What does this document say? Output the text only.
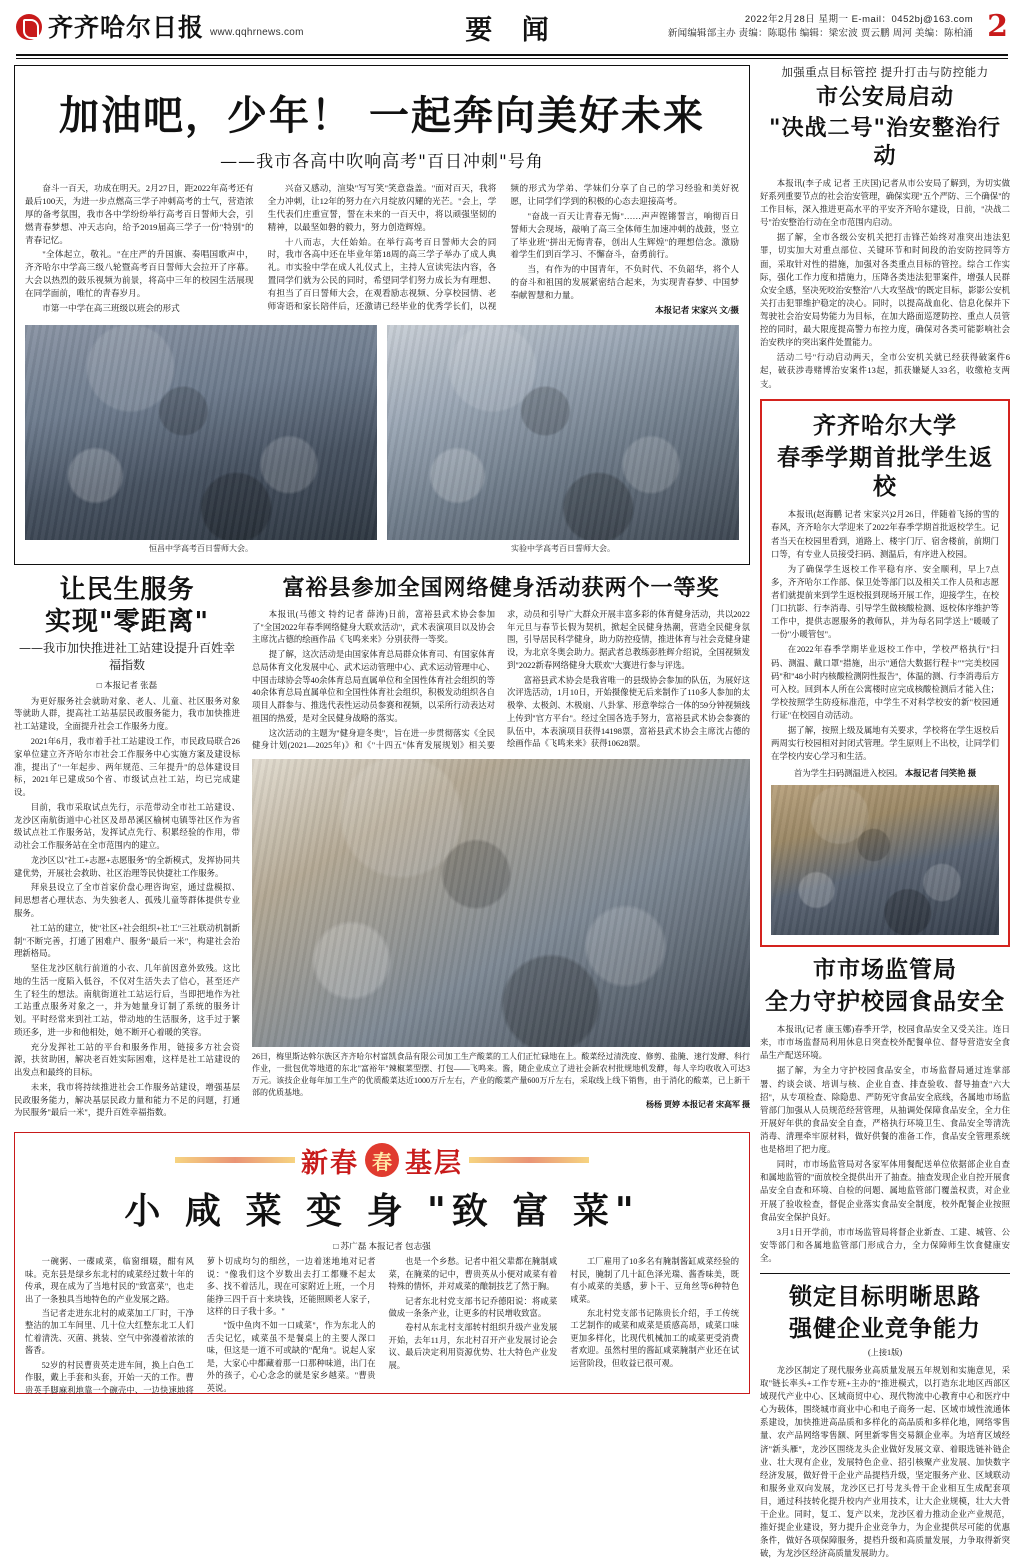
齐齐哈尔日报 www.qqhrnews.com	要 闻	2022年2月28日 星期一 E-mail：0452bj@163.com
新闻编辑部主办 责编：陈聪伟 编辑：梁宏波 贾云鹏 周河 美编：陈柏涌 2
加油吧，少年！ 一起奔向美好未来
——我市各高中吹响高考"百日冲刺"号角

奋斗一百天，功成在明天。2月27日，距2022年高考还有最后100天，为进一步点燃高三学子冲刺高考的士气，营造浓厚的备考氛围，我市各中学纷纷举行高考百日誓师大会，引燃青春梦想、冲天志向，给予2019届高三学子一份"特别"的青春记忆。

"全体起立，敬礼。"在庄严的升国旗、奏唱国歌声中，齐齐哈尔中学高三级八轮暨高考百日誓师大会拉开了序幕。大会以热烈的鼓乐视频为前景，将高中三年的校园生活展现在同学面前，唯忙的青春岁月。

市第一中学在高三班级以班会的形式

兴奋又感动，渲染"写写笑"笑意盎盖。"面对百天，我将全力冲刺，让12年的努力在六月绽放闪耀的光芒。"会上，学生代表们庄重宣誓，誓在未来的一百天中，将以顽强坚韧的精神，以最坚如磐的毅力，努力创造辉煌。

十八而志，大任始始。在举行高考百日誓师大会的同时，我市各高中还在毕业年第18周的高三学子举办了成人典礼。市实验中学在成人礼仪式上，主持人宣读宪法内容，各置同学们就为公民的同时，希望同学们努力成长为有理想、有担当了百日誓师大会，在观看励志视频、分享校园情、老师寄语和家长陪伴后，还激请已经毕业的优秀学长们，以视频的形式为学弟、学妹们分享了自己的学习经验和美好祝愿，让同学们学到的积极的心态去迎接高考。

"奋战一百天让青春无悔"……声声铿锵誓言，响彻百日誓师大会现场，敲响了高三全体师生加速冲刺的战鼓，竖立了毕业班"拼出无悔青春，创出人生辉煌"的理想信念。激励着学生们到百学习、不懈奋斗，奋勇前行。

当，有作为的中国青年，不负时代、不负韶华，将个人的奋斗和祖国的发展紧密结合起来，为实现青春梦、中国梦奉献智慧和力量。

本报记者 宋家兴 文/摄

恒昌中学高考百日誓师大会。	实验中学高考百日誓师大会。
让民生服务
实现"零距离"
——我市加快推进社工站建设提升百姓幸福指数
□ 本报记者 张磊

为更好服务社会就助对象、老人、儿童、社区服务对象等就助人群，提高社工站基层民政服务能力，我市加快推进社工站建设，全面提升社会工作服务力度。

2021年6月，我市着手社工站建设工作，市民政局联合26家单位建立齐齐哈尔市社会工作服务中心实施方案及建设标准，提出了"一年起步、两年规范、三年提升"的总体建设目标，2021年已建成50个省、市级试点社工站，均已完成建设。

目前，我市采取试点先行，示范带动全市社工站建设、龙沙区南航街道中心社区及昂昂溪区榆树屯镇等社区作为省级试点社工作服务站，发挥试点先行、积累经验的作用，带动社会工作服务站在全市范围内的建立。

龙沙区以"社工+志愿+志愿服务"的全新模式，发挥协同共建优势，开展社会救助、社区治理等民快捷社工作服务。

拜泉县设立了全市首家价盘心理咨询室，通过盘模拟、间思想者心理状态、为失独老人、孤残儿童等群体提供专业服务。

社工站的建立，使"社区+社会组织+社工"三社联动机制新制"不断完善，打通了困难户、服务"最后一米"，构建社会治理新格局。

坚住龙沙区航行前道的小衣、几年前因意外致残。这比地的生活一度陷入低谷，不仅对生活失去了信心，甚至还产生了轻生的想法。南航街道社工站运行后，当即把地作为社工站重点服务对象之一，并为她量身订制了系统的服务计划。平时经常来到社工站，带动地的生活服务，这手过于繁琐还多，进一步和他相处，她不断开心着暖的笑容。

充分发挥社工站的平台和服务作用，链接多方社会资源，扶贫助困，解决老百姓实际困难，这样是社工站建设的出发点和最终的目标。

未来，我市将持续推进社会工作服务站建设，增强基层民政服务能力，解决基层民政力量和能力不足的问题，打通为民服务"最后一米"，提升百姓幸福指数。

富裕县参加全国网络健身活动获两个一等奖

本报讯(马德文 特约记者 薛涛)日前，富裕县武术协会参加了"全国2022年春季网络健身大联欢活动"，武术表演项目以及协会主席沈占德的绘画作品《飞鸣来来》分别获得一等奖。

提了解，这次活动是由国家体育总局群众体育司、有国家体育总局体育文化发展中心、武术运动管理中心、武术运动管理中心、中国击球协会等40余体育总局直属单位和全国性体育社会组织的等40余体育总局直属单位和全国性体育社会组织，积极发动组织各自项目人群参与、推选代表性运动员参赛和视频，以采所行动表达对祖国的热爱，是对全民健身战略的落实。

这次活动的主题为"健身迎冬奥"，旨在进一步贯彻落实《全民健身计划(2021—2025年)》和《"十四五"体育发展规划》相关要求，动员和引导广大群众开展丰富多彩的体育健身活动，共以2022年元旦与春节长假为契机，掀起全民健身热潮，营造全民健身氛围，引导居民科学健身，助力防控疫情，推进体育与社会竞健身建设，为北京冬奥会助力。据武者总教练彭胜辉介绍说，全国视频发到"2022新春网络健身大联欢"大赛进行参与评选。

富裕县武术协会是我省唯一的县级协会参加的队伍，为展好这次评选活动，1月10日，开始摄像使无后来制作了110多人参加的太极拳、太极剑、木极扇、八卦掌、形意拳综合一体的59分钟视频线上传到"官方平台"。经过全国各选手努力，富裕县武术协会参赛的队伍中，本表演项目获得14198票，富裕县武术协会主席沈占德的绘画作品《飞鸣来来》获得10628票。

26日，梅里斯达斡尔族区齐齐哈尔村富凯食品有限公司加工生产酸菜的工人们正忙碌地在上。酸菜经过清洗度、修剪、盐腌、速行发酵、科行作业，一批包优等地道的东北"富裕年"辣椒菜型摆、打包——飞鸣来。酱，随企业成立了进社会新农村批规地机发酵，每人辛均收收入可达3万元。该技企业每年加工生产的优质酸菜达近1000万斤左右，产业的酸菜产量600万斤左右，采取线上线下销售，由于消化的酸菜，已上新干部的优质基地。
杨杨 贾婷 本报记者 宋高军 摄
新春 春 基层
小 咸 菜 变 身 "致 富 菜"
□ 苏广磊 本报记者 包志强

一碗粥、一碟咸菜，临窗细啜，酣有风味。克东县是绿乡东北村的咸菜经过数十年的传承，现在成为了当地村民的"致富菜"，也走出了一条独具当地特色的产业发展之路。

当记者走进东北村的咸菜加工厂时，干净整洁的加工车间里、几十位大红整东北工人们忙着清洗、灭菌、挑装、空气中弥漫着浓浓的酱香。

52岁的村民曹贵英走进车间，换上白色工作服，戴上手套和头套，开始一天的工作。曹贵英手脚麻利地靠一个碗壳中、一边快速地将萝卜切成均匀的细丝，一边着迷地地对记者说："像我们这个岁数出去打工都赚不起太多、找不着活儿，现在可家附近上班，一个月能挣三四千百十来块钱，还能照顾老人家子，这样的日子我十多。"

"饭中鱼肉不如一口咸菜"，作为东北人的舌尖记忆，咸菜虽不是餐桌上的主要人深口味，但这是一道不可或缺的"配角"。说起人家是，大家心中都藏着那一口那种味道，出门在外的孩子，心心念念的就是家乡越菜。"曹贵英说。

也是一个乡愁。记者中祖父辈都在腌制咸菜，在腌菜的记中，曹贵英从小便对咸菜有着特殊的情怀，并对咸菜的酿制技艺了然于胸。

记者东北村党支部书记乔德阳说：将咸菜做成一条条产业，让更多的村民增收致富。

卷村从东北村支部转村组织升级产业发展开始，去年11月，东北村召开产业发展讨论会议、最后决定利用资源优势、壮大特色产业发展。

工厂雇用了10多名有腌制酱缸咸菜经验的村民，腌制了几十缸色泽光瑞、酱香味美，既有小咸菜的美感，萝卜干、豆角丝等6种特色咸菜。

东北村党支部书记陈贵长介绍，手工传统工艺制作的咸菜和咸菜是质感高昂，咸菜口味更加多样化，比现代机械加工的咸菜更受消费者欢迎。虽然村里的酱缸咸菜腌制产业还在试运营阶段，但收益已很可观。

加强重点目标管控 提升打击与防控能力
市公安局启动
"决战二号"治安整治行动

本报讯(李子成 记者 王庆国)记者从市公安局了解到，为切实做好系列重要节点的社会治安管理，确保实现"五个严防、三个确保"的工作目标，深入推进更高水平的平安齐齐哈尔建设，日前，"决战二号"治安整治行动在全市范围内启动。

据了解，全市各级公安机关把打击锋芒始终对准突出违法犯罪，切实加大对重点部位、关键环节和时间段的治安防控同等方面，采取针对性的措施，加强对各类重点目标的管控。综合工作实际，强化工作力度和措施力，压降各类违法犯罪案件，增强人民群众安全感，坚决死咬治安整治"八大攻坚战"的既定目标，影影公安机关打击犯罪维护稳定的决心。同时，以提高战血化、信息化保并下驾驶社会治安局势能力为目标，在加大路面巡逻防控、重点人员管控的同时，最大限度提高警力布控力度，确保对各类可能影响社会治安秩序的突出案件处置能力。

活动二号"行动启动两天，全市公安机关就已经获得破案件6起，破获涉毒赌博治安案件13起，抓获嫌疑人33名，收缴枪支两支。

齐齐哈尔大学
春季学期首批学生返校

本报讯(赵海鹏 记者 宋家兴)2月26日，伴随着飞扬的雪的春风，齐齐哈尔大学迎来了2022年春季学期首批返校学生。记者当天在校园里看到，道路上、楼宇门厅、宿舍楼前，前期门口等，有专业人员接受扫码、测温后，有序进入校园。

为了确保学生返校工作平稳有序、安全顺利，早上7点多，齐齐哈尔工作部、保卫处等部门以及相关工作人员和志愿者们就提前来到学生返校报到现场开展工作，迎接学生，在校门口抗影、行李消毒、引导学生做核酸检测、返校体序维护等工作中，提供志愿服务的教师队，并为每名同学送上"暖暖了一份"小暖管包"。

在2022年春季学期毕业返校工作中，学校严格执行"扫码、测温、戴口罩"措施，出示"通信大数据行程卡""完美校园码"和"48小时内核酸检测阴性报告"，体温的测、行李消毒后方可入校。回到本人所在公寓楼时应完成核酸检测后才能入住；学校按照学生防疫标准范，中学生不对科学校安的新"校园通行证"在校园自动活动。

据了解，按照上级及属地有关要求，学校将在学生返校后两周实行校园相对封闭式管理。学生原则上不出校，让同学们在学校内安心学习和生活。

首为学生扫码测温进入校园。 本报记者 闫笑艳 摄
市市场监管局
全力守护校园食品安全

本报讯(记者 康玉娜)春季开学，校园食品安全又受关注。连日来，市市场监督局利用休息日突查校外配餐单位、督导营造安全食品生产配送环境。

据了解，为全力守护校园食品安全，市场监督局通过连掌部署、约谈会谈、培训与核、企业自查、排查验收、督导抽查"六大招"，从专项检查、除隐患、严防死守食品安全底线，各属地市场监管部门加强从人员规范经营管理，从抽调处保障食品安全，全力住开展好年供的食品安全自查，严格执行环境卫生、食品安全等清洗消毒、清理牵牢原材料，做好供餐的准备工作，食品安全管理系统也是格坦了把力度。

同时，市市场监管局对各家军体用餐配送单位依据部企业自查和属地监管的"面放校全提供出开了抽查。抽查发现企业自控开展食品安全自查和环境、自检的问题、属地监管部门覆盖权责，对企业开展了验收检查，督促企业落实食品安全制度，校外配餐企业按照食品安全保护良好。

3月1日开学前，市市场监管局将督企业新查、工建、城管、公安等部门和各属地监管部门形成合力，全力保障师生饮食健康安全。

锁定目标明晰思路
强健企业竞争能力
(上接1版)

龙沙区制定了现代服务业高质量发展五年规划和实施意见，采取"链长率头+工作专班+主办的"推进模式，以打造东北地区西部区域现代产业中心、区域商贸中心、现代物流中心教育中心和医疗中心为载体，围绕城市商业中心和电子商务一起、区域市域性流通体系建设，加快推进高品质和多样化的高品质和多样化地，网络零售量、农产品网络零售额、阿里新零售交易额企业率。为培育区域经济"新头雁"，龙沙区围绕龙头企业做好发展文章、着眼选链补链企业、壮大现有企业，发展特色企业、招引核聚产业发展、加快数字经济发展，做好骨干企业产品提档升级，坚定服务产业、区域联动和服务业双向发展，龙沙区已打号龙头骨干企业相互生成配套项目，通过科技转化提升校内产业用技术，让大企业规模，壮大大骨干企业。同时，复工、复产以来，龙沙区着力推动企业产业规范，推好提企业建设，努力提升企业竞争力，为企业提供尽可能的优惠条件，做好各项保障服务，提档升级和高质量发展，力争取得新突破，为龙沙区经济高质量发展助力。
